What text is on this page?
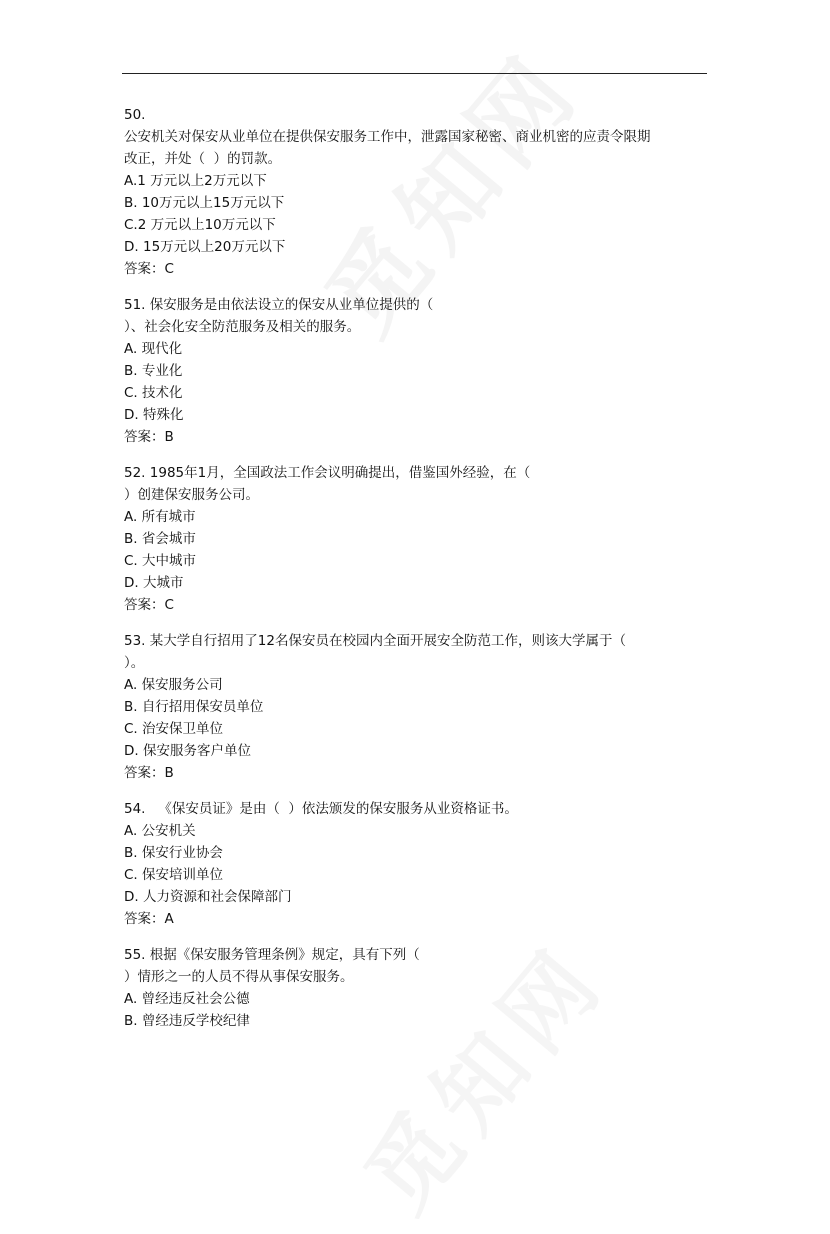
50.
公安机关对保安从业单位在提供保安服务工作中，泄露国家秘密、商业机密的应责令限期
改正，并处（  ）的罚款。
A.1 万元以上2万元以下
B. 10万元以上15万元以下
C.2 万元以上10万元以下
D. 15万元以上20万元以下
答案：C
51. 保安服务是由依法设立的保安从业单位提供的（
）、社会化安全防范服务及相关的服务。
A. 现代化
B. 专业化
C. 技术化
D. 特殊化
答案：B
52. 1985年1月，全国政法工作会议明确提出，借鉴国外经验，在（
）创建保安服务公司。
A. 所有城市
B. 省会城市
C. 大中城市
D. 大城市
答案：C
53. 某大学自行招用了12名保安员在校园内全面开展安全防范工作，则该大学属于（
）。
A. 保安服务公司
B. 自行招用保安员单位
C. 治安保卫单位
D. 保安服务客户单位
答案：B
54.   《保安员证》是由（  ）依法颁发的保安服务从业资格证书。
A. 公安机关
B. 保安行业协会
C. 保安培训单位
D. 人力资源和社会保障部门
答案：A
55. 根据《保安服务管理条例》规定，具有下列（
）情形之一的人员不得从事保安服务。
A. 曾经违反社会公德
B. 曾经违反学校纪律
